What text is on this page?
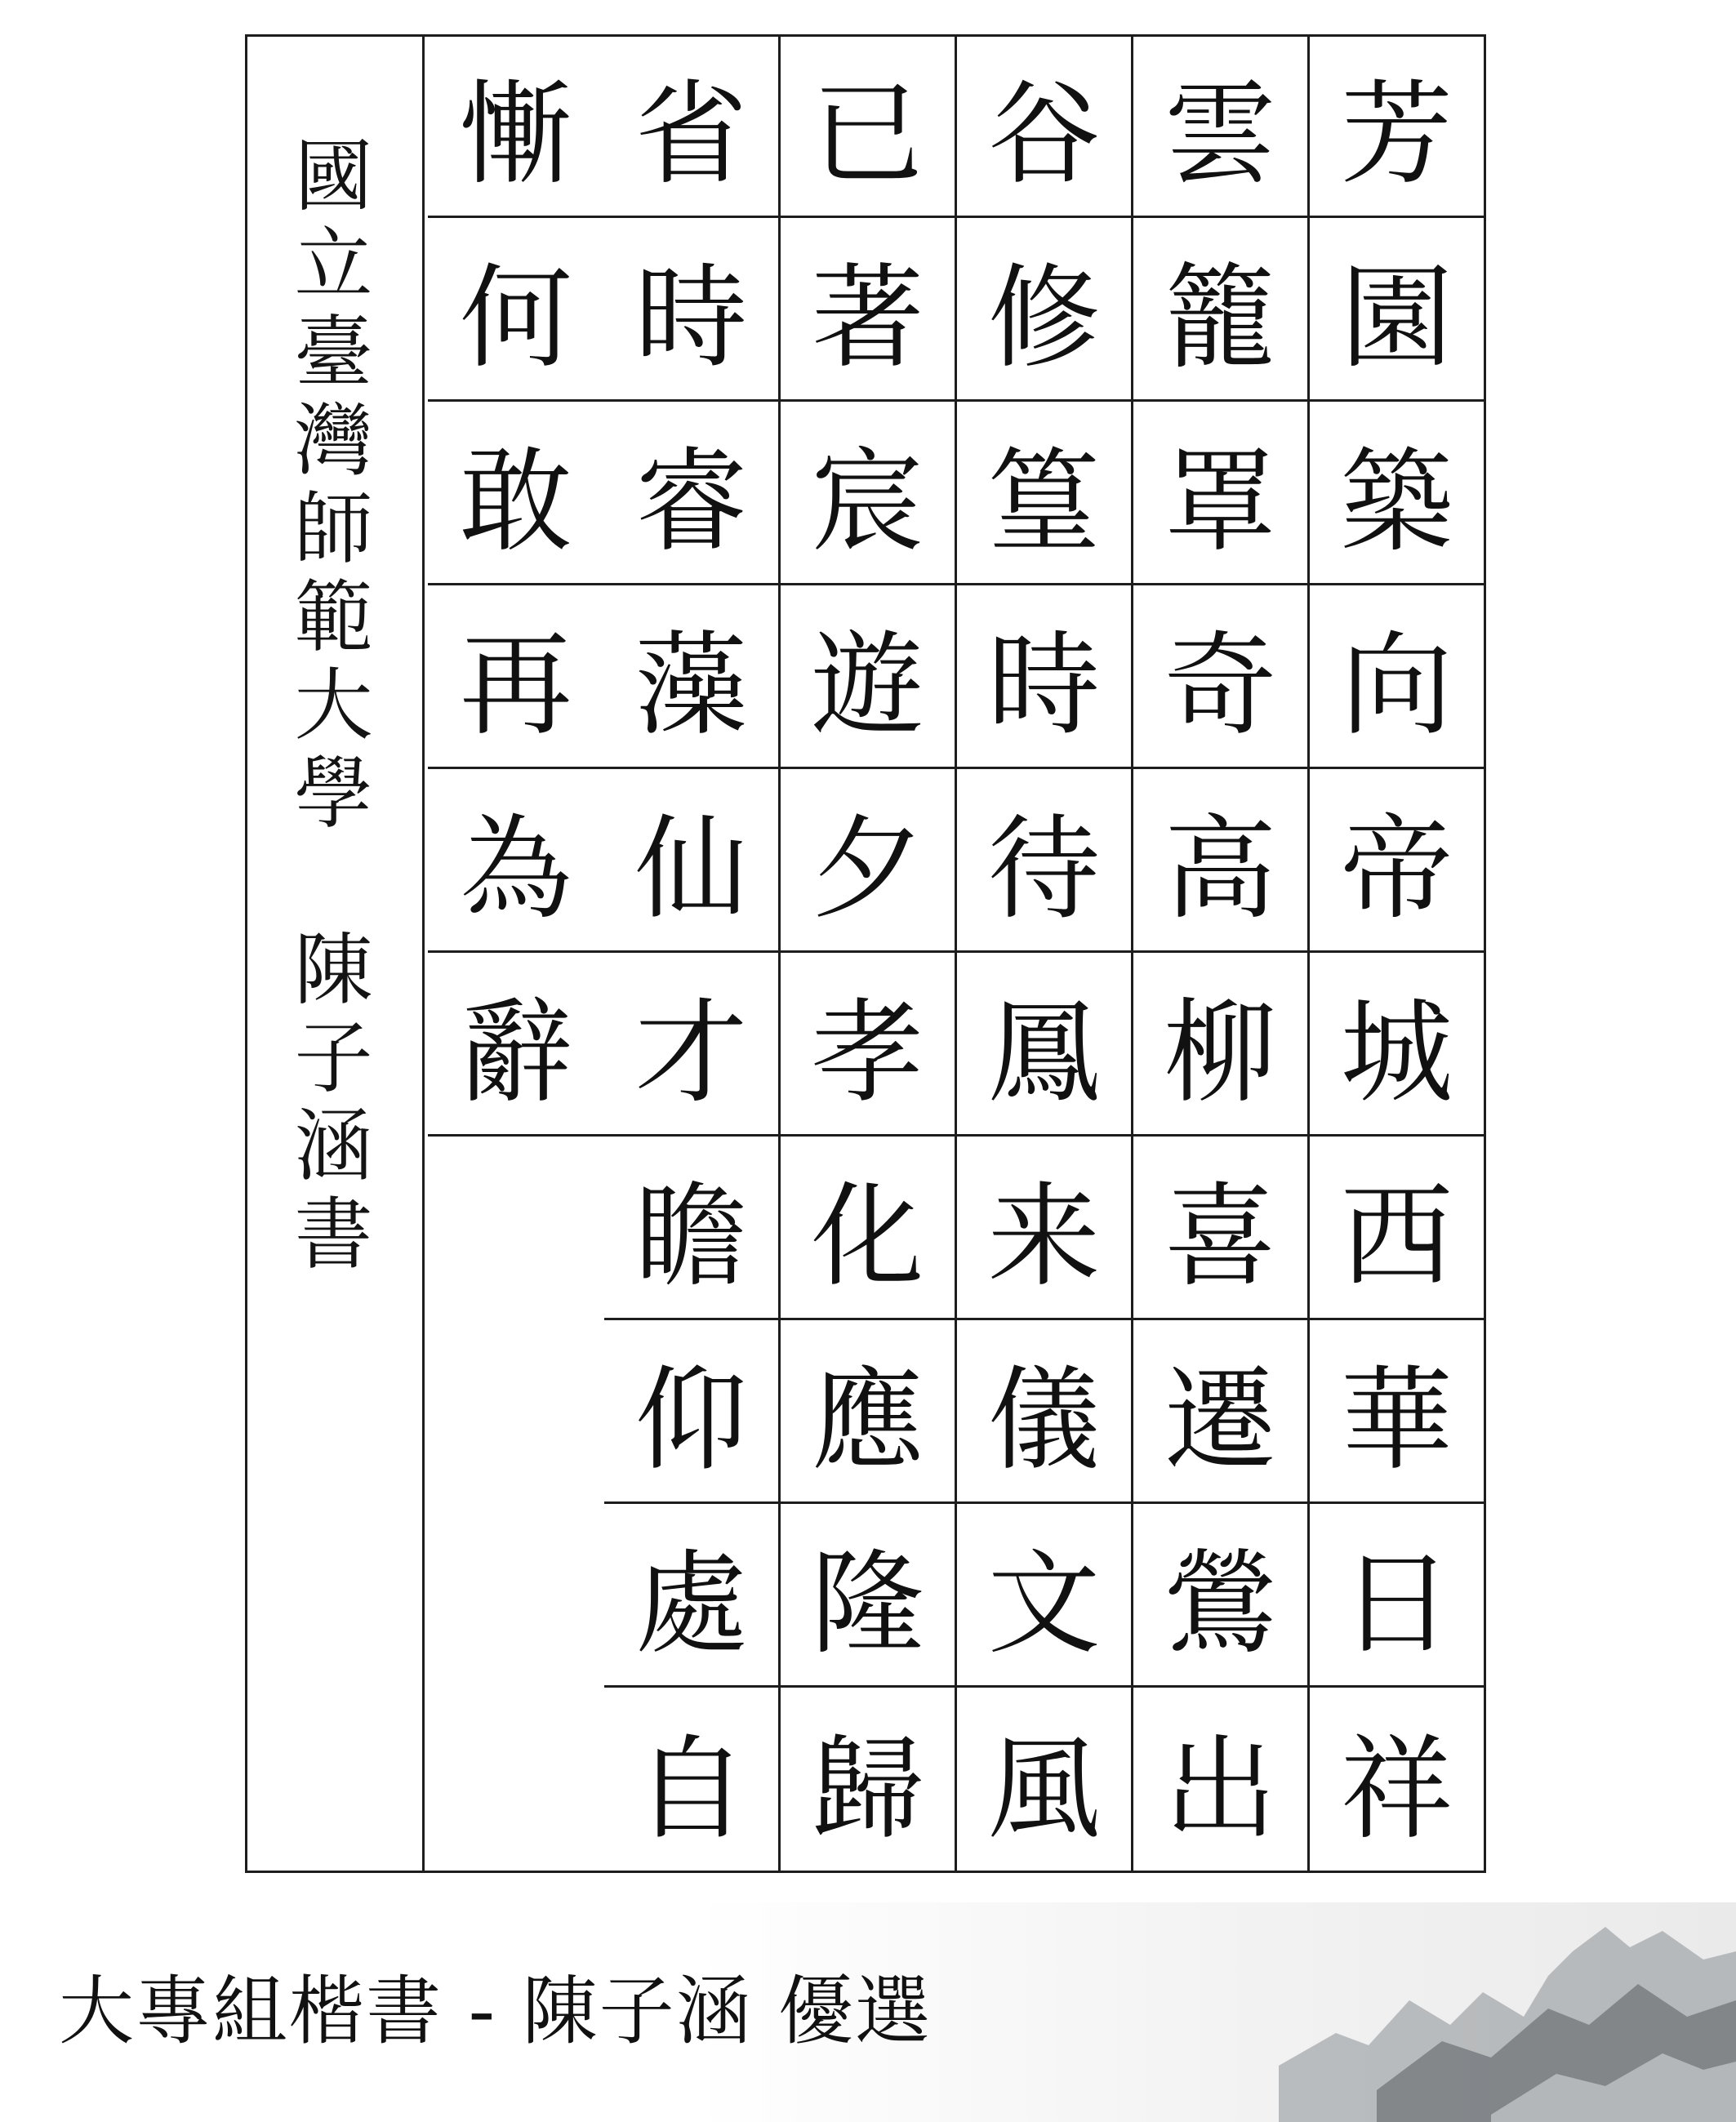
國
立
臺
灣
師
範
大
學
陳
子
涵
書
芳
園
築
向
帝
城
西
華
日
祥
雲
籠
罩
奇
高
柳
喜
遷
鶯
出
谷
修
篁
時
待
鳳
来
儀
文
風
已
著
宸
遊
夕
孝
化
應
隆
歸
省
時
睿
藻
仙
才
瞻
仰
處
自
慚
何
敢
再
為
辭
大專組楷書 - 陳子涵 優選
